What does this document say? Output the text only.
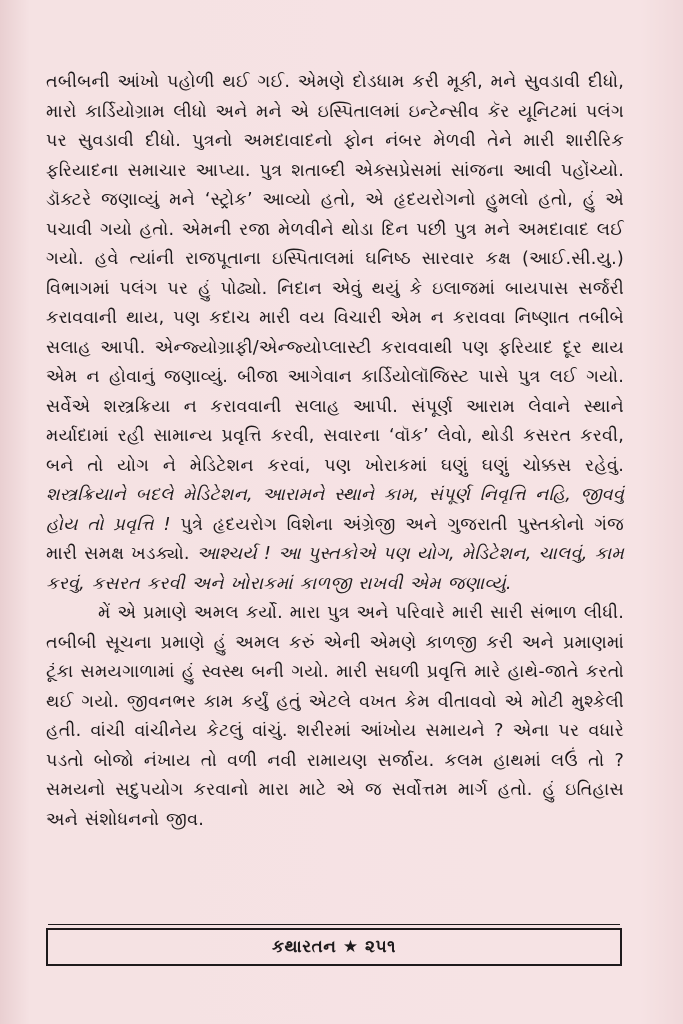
તબીબની આંખો પહોળી થઈ ગઈ. એમણે દોડધામ કરી મૂકી, મને સુવડાવી દીધો, મારો કાર્ડિયોગ્રામ લીધો અને મને એ ઇસ્પિતાલમાં ઇન્ટેન્સીવ કૅર યૂનિટમાં પલંગ પર સુવડાવી દીધો. પુત્રનો અમદાવાદનો ફોન નંબર મેળવી તેને મારી શારીરિક ફરિયાદના સમાચાર આપ્યા. પુત્ર શતાબ્દી એક્સપ્રેસમાં સાંજના આવી પહોંચ્યો. ડૉક્ટરે જણાવ્યું મને ‘સ્ટ્રોક’ આવ્યો હતો, એ હૃદયરોગનો હુમલો હતો, હું એ પચાવી ગયો હતો. એમની રજા મેળવીને થોડા દિન પછી પુત્ર મને અમદાવાદ લઈ ગયો. હવે ત્યાંની રાજપૂતાના ઇસ્પિતાલમાં ઘનિષ્ઠ સારવાર કક્ષ (આઈ.સી.યુ.) વિભાગમાં પલંગ પર હું પોઢ્યો. નિદાન એવું થયું કે ઇલાજમાં બાયપાસ સર્જરી કરાવવાની થાય, પણ કદાચ મારી વય વિચારી એમ ન કરાવવા નિષ્ણાત તબીબે સલાહ આપી. એન્જ્યોગ્રાફી/એન્જ્યોપ્લાસ્ટી કરાવવાથી પણ ફરિયાદ દૂર થાય એમ ન હોવાનું જણાવ્યું. બીજા આગેવાન કાર્ડિયોલૉજિસ્ટ પાસે પુત્ર લઈ ગયો. સર્વેએ શસ્ત્રક્રિયા ન કરાવવાની સલાહ આપી. સંપૂર્ણ આરામ લેવાને સ્થાને મર્યાદામાં રહી સામાન્ય પ્રવૃત્તિ કરવી, સવારના ‘વૉક’ લેવો, થોડી કસરત કરવી, બને તો યોગ ને મેડિટેશન કરવાં, પણ ખોરાકમાં ઘણું ઘણું ચોક્કસ રહેવું. શસ્ત્રક્રિયાને બદલે મેડિટેશન, આરામને સ્થાને કામ, સંપૂર્ણ નિવૃત્તિ નહિ, જીવવું હોય તો પ્રવૃત્તિ ! પુત્રે હૃદયરોગ વિશેના અંગ્રેજી અને ગુજરાતી પુસ્તકોનો ગંજ મારી સમક્ષ ખડક્યો. આશ્ચર્ય ! આ પુસ્તકોએ પણ યોગ, મેડિટેશન, ચાલવું, કામ કરવું, કસરત કરવી અને ખોરાકમાં કાળજી રાખવી એમ જણાવ્યું.

મેં એ પ્રમાણે અમલ કર્યો. મારા પુત્ર અને પરિવારે મારી સારી સંભાળ લીધી. તબીબી સૂચના પ્રમાણે હું અમલ કરું એની એમણે કાળજી કરી અને પ્રમાણમાં ટૂંકા સમયગાળામાં હું સ્વસ્થ બની ગયો. મારી સઘળી પ્રવૃત્તિ મારે હાથે-જાતે કરતો થઈ ગયો. જીવનભર કામ કર્યું હતું એટલે વખત કેમ વીતાવવો એ મોટી મુશ્કેલી હતી. વાંચી વાંચીનેય કેટલું વાંચું. શરીરમાં આંખોય સમાયને ? એના પર વધારે પડતો બોજો નંખાય તો વળી નવી રામાયણ સર્જાય. કલમ હાથમાં લઉં તો ? સમયનો સદુપયોગ કરવાનો મારા માટે એ જ સર્વોત્તમ માર્ગ હતો. હું ઇતિહાસ અને સંશોધનનો જીવ.

કથારતન ★ ૨૫૧
